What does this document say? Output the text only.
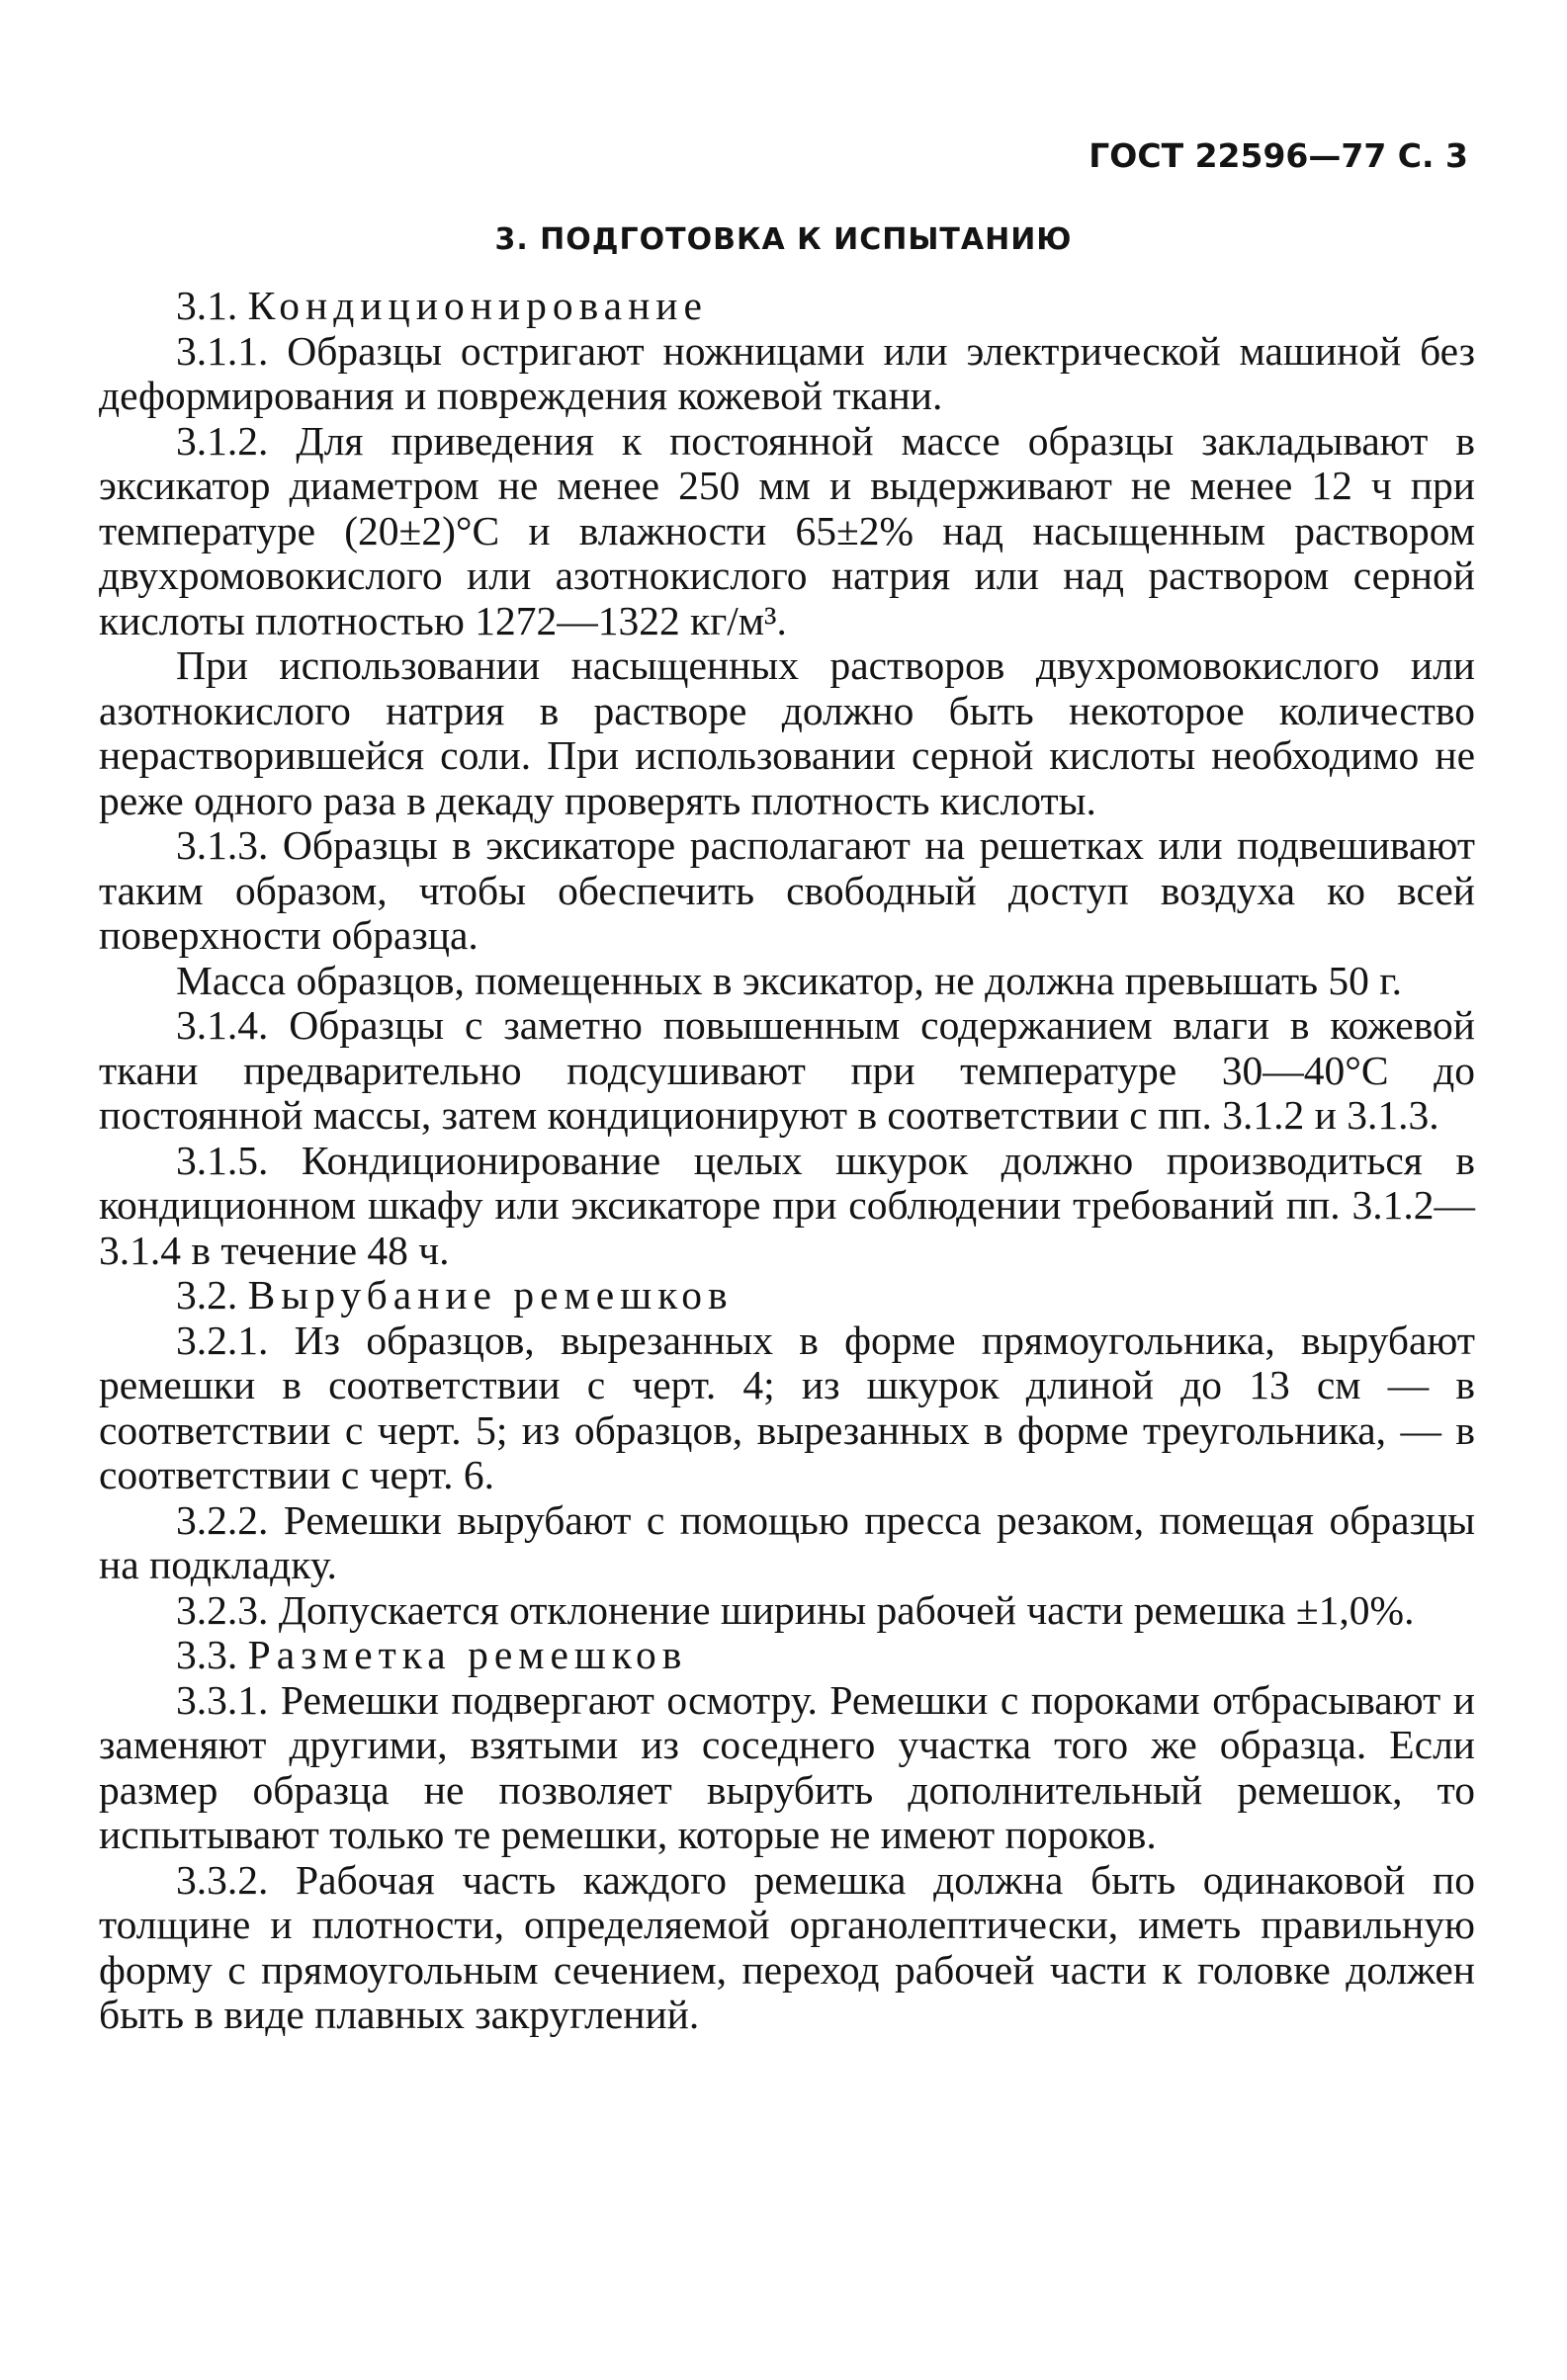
ГОСТ 22596—77 С. 3
3. ПОДГОТОВКА К ИСПЫТАНИЮ

3.1. Кондиционирование

3.1.1. Образцы остригают ножницами или электрической машиной без деформирования и повреждения кожевой ткани.

3.1.2. Для приведения к постоянной массе образцы закладывают в эксикатор диаметром не менее 250 мм и выдерживают не менее 12 ч при температуре (20±2)°С и влажности 65±2% над насыщенным раствором двухромовокислого или азотнокислого натрия или над раствором серной кислоты плотностью 1272—1322 кг/м³.

При использовании насыщенных растворов двухромовокислого или азотнокислого натрия в растворе должно быть некоторое количество нерастворившейся соли. При использовании серной кислоты необходимо не реже одного раза в декаду проверять плотность кислоты.

3.1.3. Образцы в эксикаторе располагают на решетках или подвешивают таким образом, чтобы обеспечить свободный доступ воздуха ко всей поверхности образца.

Масса образцов, помещенных в эксикатор, не должна превышать 50 г.

3.1.4. Образцы с заметно повышенным содержанием влаги в кожевой ткани предварительно подсушивают при температуре 30—40°С до постоянной массы, затем кондиционируют в соответствии с пп. 3.1.2 и 3.1.3.

3.1.5. Кондиционирование целых шкурок должно производиться в кондиционном шкафу или эксикаторе при соблюдении требований пп. 3.1.2—3.1.4 в течение 48 ч.

3.2. Вырубание ремешков

3.2.1. Из образцов, вырезанных в форме прямоугольника, вырубают ремешки в соответствии с черт. 4; из шкурок длиной до 13 см — в соответствии с черт. 5; из образцов, вырезанных в форме треугольника, — в соответствии с черт. 6.

3.2.2. Ремешки вырубают с помощью пресса резаком, помещая образцы на подкладку.

3.2.3. Допускается отклонение ширины рабочей части ремешка ±1,0%.

3.3. Разметка ремешков

3.3.1. Ремешки подвергают осмотру. Ремешки с пороками отбрасывают и заменяют другими, взятыми из соседнего участка того же образца. Если размер образца не позволяет вырубить дополнительный ремешок, то испытывают только те ремешки, которые не имеют пороков.

3.3.2. Рабочая часть каждого ремешка должна быть одинаковой по толщине и плотности, определяемой органолептически, иметь правильную форму с прямоугольным сечением, переход рабочей части к головке должен быть в виде плавных закруглений.
